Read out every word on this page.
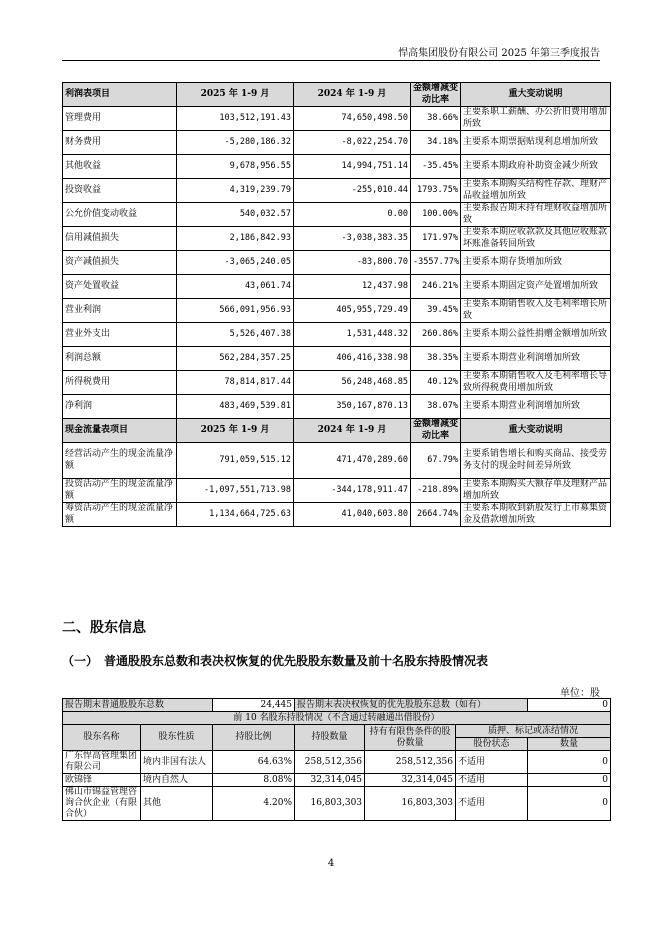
悍高集团股份有限公司 2025 年第三季度报告
利润表项目	2025 年 1-9 月	2024 年 1-9 月	金额增减变动比率	重大变动说明
管理费用	103,512,191.43	74,650,498.50	38.66%	主要系职工薪酬、办公折旧费用增加所致
财务费用	-5,280,186.32	-8,022,254.70	34.18%	主要系本期票据贴现利息增加所致
其他收益	9,678,956.55	14,994,751.14	-35.45%	主要系本期政府补助资金减少所致
投资收益	4,319,239.79	-255,010.44	1793.75%	主要系本期购买结构性存款、理财产品收益增加所致
公允价值变动收益	540,032.57	0.00	100.00%	主要系报告期末持有理财收益增加所致
信用减值损失	2,186,842.93	-3,038,383.35	171.97%	主要系本期应收款款及其他应收账款坏账准备转回所致
资产减值损失	-3,065,240.05	-83,800.70	-3557.77%	主要系本期存货增加所致
资产处置收益	43,061.74	12,437.98	246.21%	主要系本期固定资产处置增加所致
营业利润	566,091,956.93	405,955,729.49	39.45%	主要系本期销售收入及毛利率增长所致
营业外支出	5,526,407.38	1,531,448.32	260.86%	主要系本期公益性捐赠金额增加所致
利润总额	562,284,357.25	406,416,338.98	38.35%	主要系本期营业利润增加所致
所得税费用	78,814,817.44	56,248,468.85	40.12%	主要系本期销售收入及毛利率增长导致所得税费用增加所致
净利润	483,469,539.81	350,167,870.13	38.07%	主要系本期营业利润增加所致
现金流量表项目	2025 年 1-9 月	2024 年 1-9 月	金额增减变动比率	重大变动说明
经营活动产生的现金流量净额	791,059,515.12	471,470,289.60	67.79%	主要系销售增长和购买商品、接受劳务支付的现金时间差异所致
投资活动产生的现金流量净额	-1,097,551,713.98	-344,178,911.47	-218.89%	主要系本期购买大额存单及理财产品增加所致
筹资活动产生的现金流量净额	1,134,664,725.63	41,040,603.80	2664.74%	主要系本期收到新股发行上市募集资金及借款增加所致
二、股东信息
（一）　普通股股东总数和表决权恢复的优先股股东数量及前十名股东持股情况表
单位：股
报告期末普通股股东总数		24,445	报告期末表决权恢复的优先股股东总数（如有）			0
前 10 名股东持股情况（不含通过转融通出借股份）						
股东名称	股东性质	持股比例	持股数量	持有有限售条件的股份数量	质押、标记或冻结情况	
					股份状态	数量
广东悍高管理集团有限公司	境内非国有法人	64.63%	258,512,356	258,512,356	不适用	0
欧锦锋	境内自然人	8.08%	32,314,045	32,314,045	不适用	0
佛山市锦益管理咨询合伙企业（有限合伙）	其他	4.20%	16,803,303	16,803,303	不适用	0
4
